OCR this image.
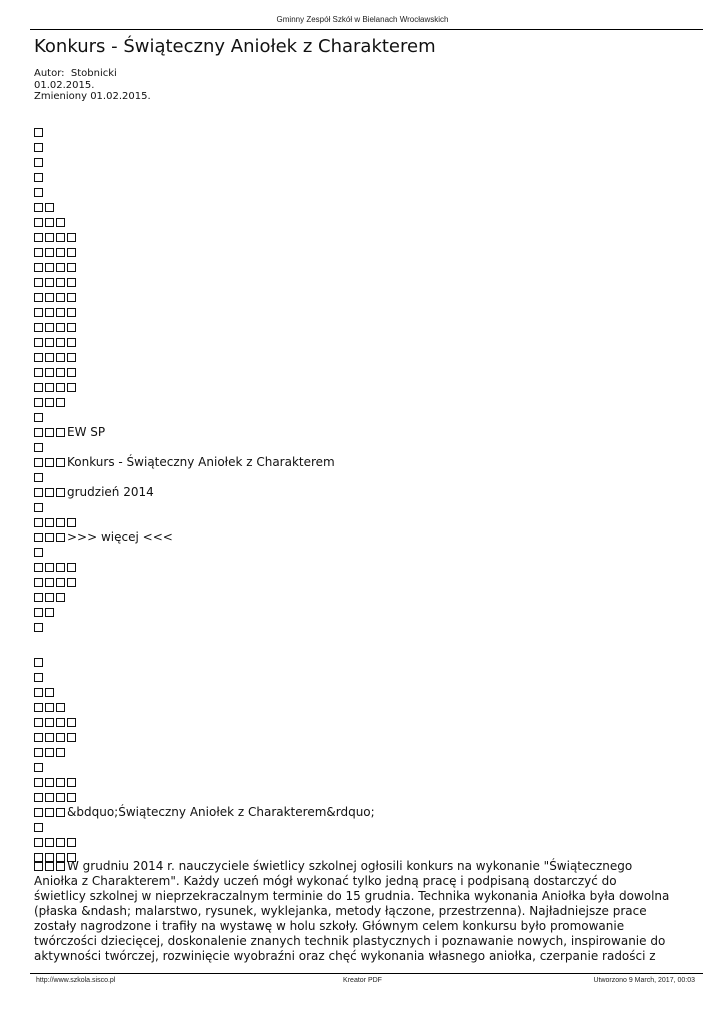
Gminny Zespół Szkół w Bielanach Wrocławskich
Konkurs - Świąteczny Aniołek z Charakterem
Autor:  Stobnicki
01.02.2015.
Zmieniony 01.02.2015.
EW SP
Konkurs - Świąteczny Aniołek z Charakterem
grudzień 2014
>>> więcej <<<
&bdquo;Świąteczny Aniołek z Charakterem&rdquo;
W grudniu 2014 r. nauczyciele świetlicy szkolnej ogłosili konkurs na wykonanie "Świątecznego
Aniołka z Charakterem". Każdy uczeń mógł wykonać tylko jedną pracę i podpisaną dostarczyć do
świetlicy szkolnej w nieprzekraczalnym terminie do 15 grudnia. Technika wykonania Aniołka była dowolna
(płaska &ndash; malarstwo, rysunek, wyklejanka, metody łączone, przestrzenna). Najładniejsze prace
zostały nagrodzone i trafiły na wystawę w holu szkoły. Głównym celem konkursu było promowanie
twórczości dziecięcej, doskonalenie znanych technik plastycznych i poznawanie nowych, inspirowanie do
aktywności twórczej, rozwinięcie wyobraźni oraz chęć wykonania własnego aniołka, czerpanie radości z
http://www.szkola.sisco.pl	Kreator PDF	Utworzono 9 March, 2017, 00:03
